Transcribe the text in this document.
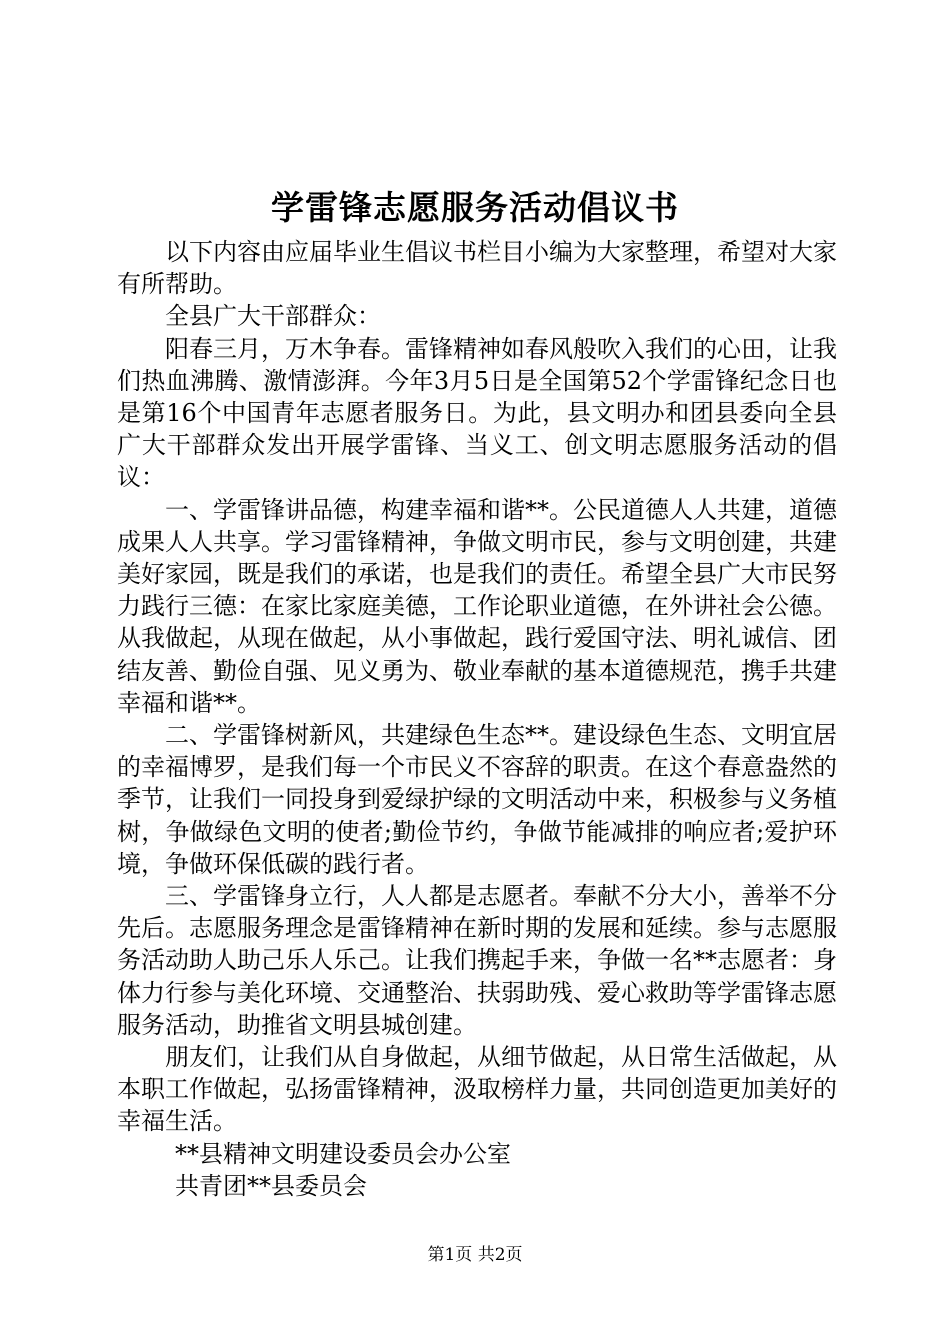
学雷锋志愿服务活动倡议书

以下内容由应届毕业生倡议书栏目小编为大家整理，希望对大家有所帮助。

全县广大干部群众：

阳春三月，万木争春。雷锋精神如春风般吹入我们的心田，让我们热血沸腾、激情澎湃。今年3月5日是全国第52个学雷锋纪念日也是第16个中国青年志愿者服务日。为此，县文明办和团县委向全县广大干部群众发出开展学雷锋、当义工、创文明志愿服务活动的倡议：

一、学雷锋讲品德，构建幸福和谐**。公民道德人人共建，道德成果人人共享。学习雷锋精神，争做文明市民，参与文明创建，共建美好家园，既是我们的承诺，也是我们的责任。希望全县广大市民努力践行三德：在家比家庭美德，工作论职业道德，在外讲社会公德。从我做起，从现在做起，从小事做起，践行爱国守法、明礼诚信、团结友善、勤俭自强、见义勇为、敬业奉献的基本道德规范，携手共建幸福和谐**。

二、学雷锋树新风，共建绿色生态**。建设绿色生态、文明宜居的幸福博罗，是我们每一个市民义不容辞的职责。在这个春意盎然的季节，让我们一同投身到爱绿护绿的文明活动中来，积极参与义务植树，争做绿色文明的使者;勤俭节约，争做节能减排的响应者;爱护环境，争做环保低碳的践行者。

三、学雷锋身立行，人人都是志愿者。奉献不分大小，善举不分先后。志愿服务理念是雷锋精神在新时期的发展和延续。参与志愿服务活动助人助己乐人乐己。让我们携起手来，争做一名**志愿者：身体力行参与美化环境、交通整治、扶弱助残、爱心救助等学雷锋志愿服务活动，助推省文明县城创建。

朋友们，让我们从自身做起，从细节做起，从日常生活做起，从本职工作做起，弘扬雷锋精神，汲取榜样力量，共同创造更加美好的幸福生活。

**县精神文明建设委员会办公室

共青团**县委员会

第1页 共2页
